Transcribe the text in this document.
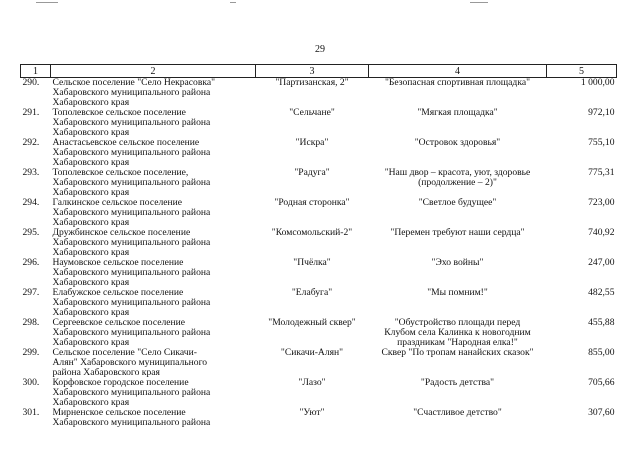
29
1	2	3	4	5
290.	Сельское поселение "Село Некрасовка"
Хабаровского муниципального района
Хабаровского края	"Партизанская, 2"	"Безопасная спортивная площадка"	1 000,00
291.	Тополевское сельское поселение
Хабаровского муниципального района
Хабаровского края	"Сельчане"	"Мягкая площадка"	972,10
292.	Анастасьевское сельское поселение
Хабаровского муниципального района
Хабаровского края	"Искра"	"Островок здоровья"	755,10
293.	Тополевское сельское поселение,
Хабаровского муниципального района
Хабаровского края	"Радуга"	"Наш двор – красота, уют, здоровье
(продолжение – 2)"	775,31
294.	Галкинское сельское поселение
Хабаровского муниципального района
Хабаровского края	"Родная сторонка"	"Светлое будущее"	723,00
295.	Дружбинское сельское поселение
Хабаровского муниципального района
Хабаровского края	"Комсомольский-2"	"Перемен требуют наши сердца"	740,92
296.	Наумовское сельское поселение
Хабаровского муниципального района
Хабаровского края	"Пчёлка"	"Эхо войны"	247,00
297.	Елабужское сельское поселение
Хабаровского муниципального района
Хабаровского края	"Елабуга"	"Мы помним!"	482,55
298.	Сергеевское сельское поселение
Хабаровского муниципального района
Хабаровского края	"Молодежный сквер"	"Обустройство площади перед
Клубом села Калинка к новогодним
праздникам "Народная елка!"	455,88
299.	Сельское поселение "Село Сикачи-
Алян" Хабаровского муниципального
района Хабаровского края	"Сикачи-Алян"	Сквер "По тропам нанайских сказок"	855,00
300.	Корфовское городское поселение
Хабаровского муниципального района
Хабаровского края	"Лазо"	"Радость детства"	705,66
301.	Мирненское сельское поселение
Хабаровского муниципального района	"Уют"	"Счастливое детство"	307,60
